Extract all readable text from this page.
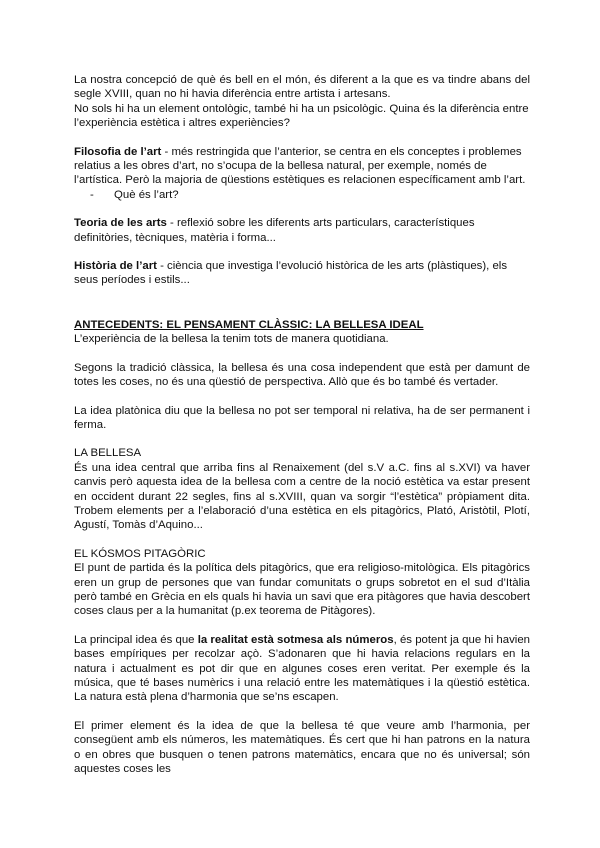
La nostra concepció de què és bell en el món, és diferent a la que es va tindre abans del segle XVIII, quan no hi havia diferència entre artista i artesans.

No sols hi ha un element ontològic, també hi ha un psicològic. Quina és la diferència entre l’experiència estètica i altres experiències?

Filosofia de l’art - més restringida que l’anterior, se centra en els conceptes i problemes relatius a les obres d’art, no s’ocupa de la bellesa natural, per exemple, només de l’artística. Però la majoria de qüestions estètiques es relacionen específicament amb l’art.

- Què és l’art?

Teoria de les arts - reflexió sobre les diferents arts particulars, característiques definitòries, tècniques, matèria i forma...

Història de l’art - ciència que investiga l’evolució històrica de les arts (plàstiques), els seus períodes i estils...

ANTECEDENTS: EL PENSAMENT CLÀSSIC: LA BELLESA IDEAL

L’experiència de la bellesa la tenim tots de manera quotidiana.

Segons la tradició clàssica, la bellesa és una cosa independent que està per damunt de totes les coses, no és una qüestió de perspectiva. Allò que és bo també és vertader.

La idea platònica diu que la bellesa no pot ser temporal ni relativa, ha de ser permanent i ferma.

LA BELLESA

És una idea central que arriba fins al Renaixement (del s.V a.C. fins al s.XVI) va haver canvis però aquesta idea de la bellesa com a centre de la noció estètica va estar present en occident durant 22 segles, fins al s.XVIII, quan va sorgir “l’estètica” pròpiament dita. Trobem elements per a l’elaboració d’una estètica en els pitagòrics, Plató, Aristòtil, Plotí, Agustí, Tomàs d’Aquino...

EL KÓSMOS PITAGÒRIC

El punt de partida és la política dels pitagòrics, que era religioso-mitològica. Els pitagòrics eren un grup de persones que van fundar comunitats o grups sobretot en el sud d’Itàlia però també en Grècia en els quals hi havia un savi que era pitàgores que havia descobert coses claus per a la humanitat (p.ex teorema de Pitàgores).

La principal idea és que la realitat està sotmesa als números, és potent ja que hi havien bases empíriques per recolzar açò. S’adonaren que hi havia relacions regulars en la natura i actualment es pot dir que en algunes coses eren veritat. Per exemple és la música, que té bases numèrics i una relació entre les matemàtiques i la qüestió estètica. La natura està plena d’harmonia que se’ns escapen.

El primer element és la idea de que la bellesa té que veure amb l’harmonia, per consegüent amb els números, les matemàtiques. És cert que hi han patrons en la natura o en obres que busquen o tenen patrons matemàtics, encara que no és universal; són aquestes coses les
